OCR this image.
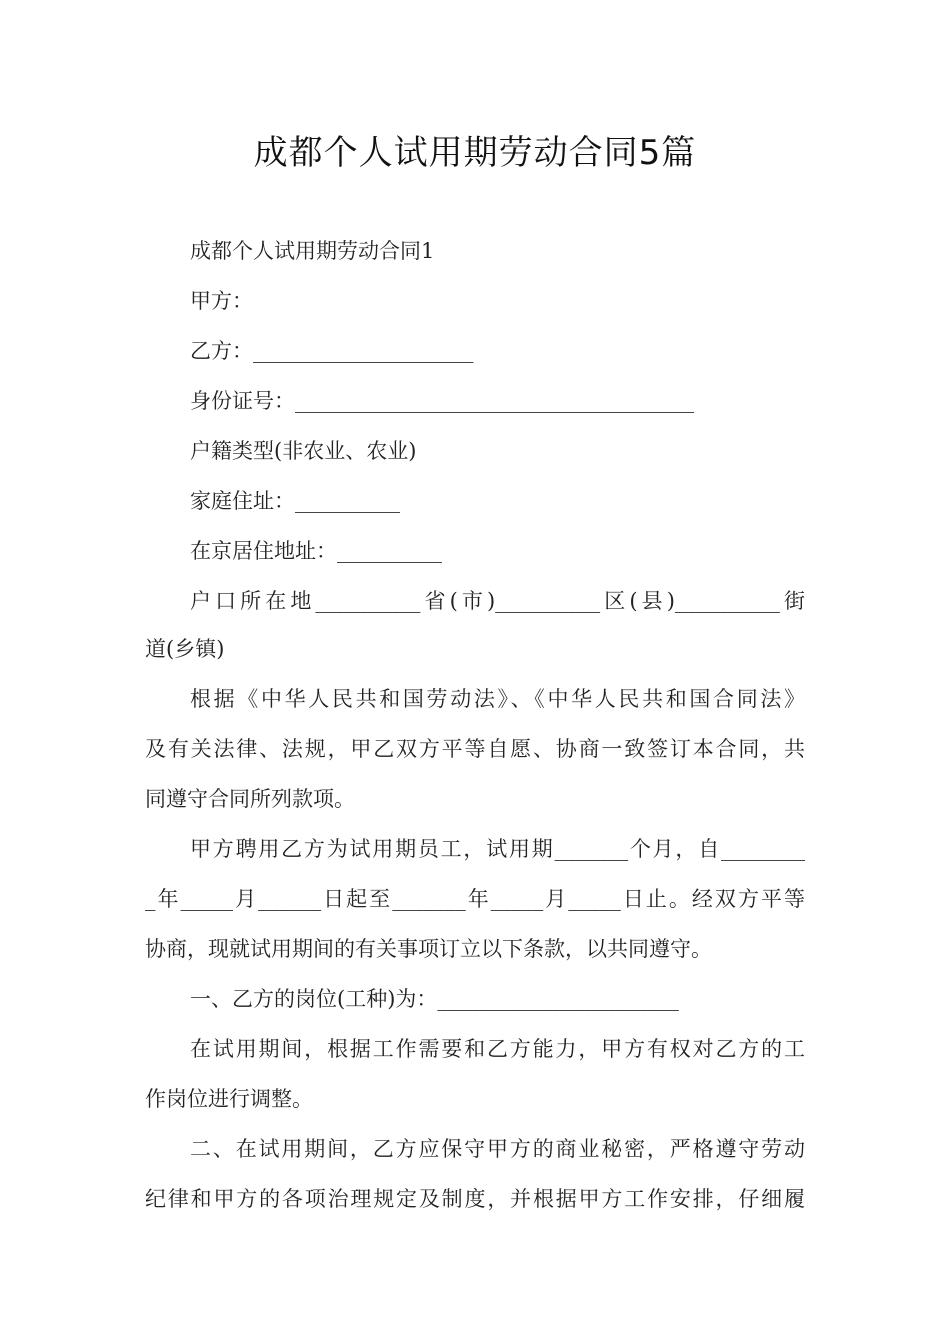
成都个人试用期劳动合同5篇
成都个人试用期劳动合同1
甲方：
乙方：_____________________
身份证号：______________________________________
户籍类型(非农业、农业)
家庭住址：__________
在京居住地址：__________
户口所在地__________省(市)__________区(县)__________街
道(乡镇)
根据《中华人民共和国劳动法》、《中华人民共和国合同法》
及有关法律、法规，甲乙双方平等自愿、协商一致签订本合同，共
同遵守合同所列款项。
甲方聘用乙方为试用期员工，试用期_______个月，自________
_年_____月______日起至_______年_____月_____日止。经双方平等
协商，现就试用期间的有关事项订立以下条款，以共同遵守。
一、乙方的岗位(工种)为：_______________________
在试用期间，根据工作需要和乙方能力，甲方有权对乙方的工
作岗位进行调整。
二、在试用期间，乙方应保守甲方的商业秘密，严格遵守劳动
纪律和甲方的各项治理规定及制度，并根据甲方工作安排，仔细履
